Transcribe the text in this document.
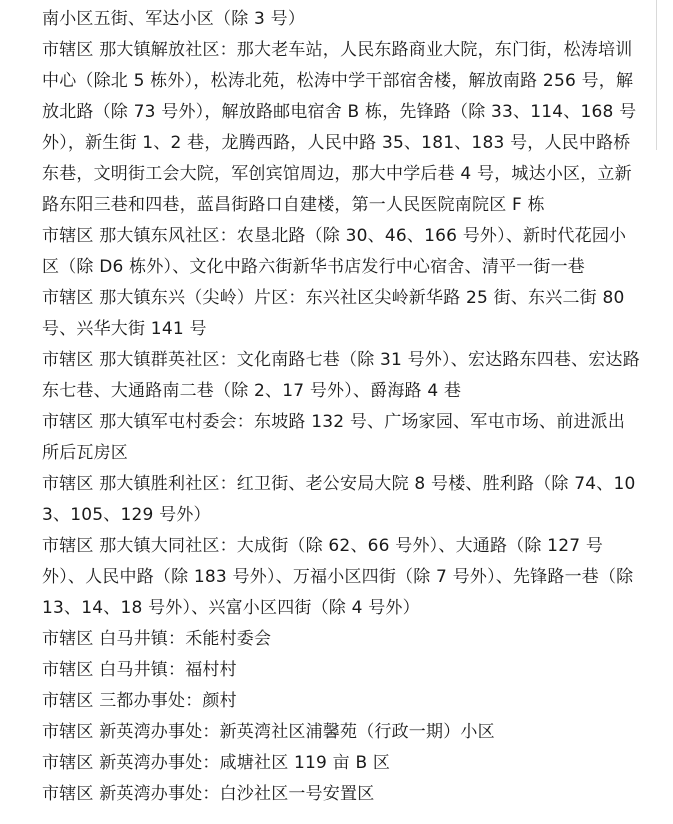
南小区五街、军达小区（除 3 号）

市辖区 那大镇解放社区：那大老车站，人民东路商业大院，东门街，松涛培训中心（除北 5 栋外），松涛北苑，松涛中学干部宿舍楼，解放南路 256 号，解放北路（除 73 号外），解放路邮电宿舍 B 栋，先锋路（除 33、114、168 号外），新生街 1、2 巷，龙腾西路，人民中路 35、181、183 号，人民中路桥东巷，文明街工会大院，军创宾馆周边，那大中学后巷 4 号，城达小区，立新路东阳三巷和四巷，蓝昌街路口自建楼，第一人民医院南院区 F 栋

市辖区 那大镇东风社区：农垦北路（除 30、46、166 号外）、新时代花园小区（除 D6 栋外）、文化中路六街新华书店发行中心宿舍、清平一街一巷

市辖区 那大镇东兴（尖岭）片区：东兴社区尖岭新华路 25 街、东兴二街 80 号、兴华大街 141 号

市辖区 那大镇群英社区：文化南路七巷（除 31 号外）、宏达路东四巷、宏达路东七巷、大通路南二巷（除 2、17 号外）、爵海路 4 巷

市辖区 那大镇军屯村委会：东坡路 132 号、广场家园、军屯市场、前进派出所后瓦房区

市辖区 那大镇胜利社区：红卫街、老公安局大院 8 号楼、胜利路（除 74、103、105、129 号外）

市辖区 那大镇大同社区：大成街（除 62、66 号外）、大通路（除 127 号外）、人民中路（除 183 号外）、万福小区四街（除 7 号外）、先锋路一巷（除 13、14、18 号外）、兴富小区四街（除 4 号外）

市辖区 白马井镇：禾能村委会

市辖区 白马井镇：福村村

市辖区 三都办事处：颜村

市辖区 新英湾办事处：新英湾社区浦馨苑（行政一期）小区

市辖区 新英湾办事处：咸塘社区 119 亩 B 区

市辖区 新英湾办事处：白沙社区一号安置区
